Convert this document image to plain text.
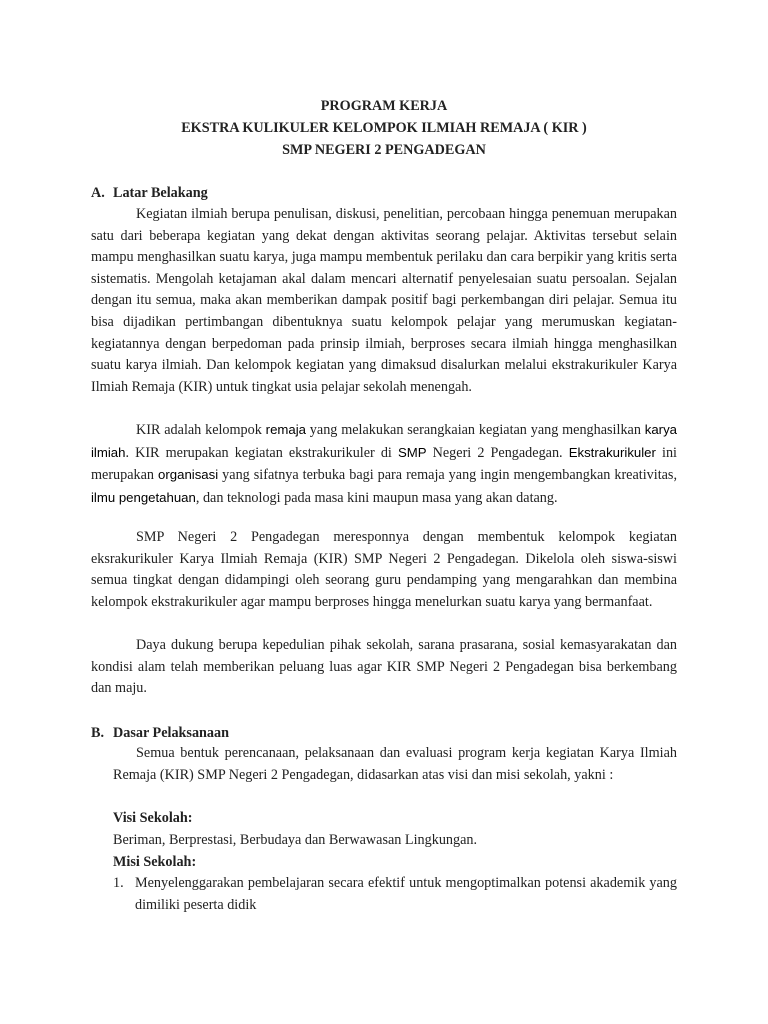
PROGRAM KERJA
EKSTRA KULIKULER KELOMPOK ILMIAH REMAJA ( KIR )
SMP NEGERI 2 PENGADEGAN
A. Latar Belakang

Kegiatan ilmiah berupa penulisan, diskusi, penelitian, percobaan hingga penemuan merupakan satu dari beberapa kegiatan yang dekat dengan aktivitas seorang pelajar. Aktivitas tersebut selain mampu menghasilkan suatu karya, juga mampu membentuk perilaku dan cara berpikir yang kritis serta sistematis. Mengolah ketajaman akal dalam mencari alternatif penyelesaian suatu persoalan. Sejalan dengan itu semua, maka akan memberikan dampak positif bagi perkembangan diri pelajar. Semua itu bisa dijadikan pertimbangan dibentuknya suatu kelompok pelajar yang merumuskan kegiatan-kegiatannya dengan berpedoman pada prinsip ilmiah, berproses secara ilmiah hingga menghasilkan suatu karya ilmiah. Dan kelompok kegiatan yang dimaksud disalurkan melalui ekstrakurikuler Karya Ilmiah Remaja (KIR) untuk tingkat usia pelajar sekolah menengah.

KIR adalah kelompok remaja yang melakukan serangkaian kegiatan yang menghasilkan karya ilmiah. KIR merupakan kegiatan ekstrakurikuler di SMP Negeri 2 Pengadegan. Ekstrakurikuler ini merupakan organisasi yang sifatnya terbuka bagi para remaja yang ingin mengembangkan kreativitas, ilmu pengetahuan, dan teknologi pada masa kini maupun masa yang akan datang.

SMP Negeri 2 Pengadegan meresponnya dengan membentuk kelompok kegiatan eksrakurikuler Karya Ilmiah Remaja (KIR) SMP Negeri 2 Pengadegan. Dikelola oleh siswa-siswi semua tingkat dengan didampingi oleh seorang guru pendamping yang mengarahkan dan membina kelompok ekstrakurikuler agar mampu berproses hingga menelurkan suatu karya yang bermanfaat.

Daya dukung berupa kepedulian pihak sekolah, sarana prasarana, sosial kemasyarakatan dan kondisi alam telah memberikan peluang luas agar KIR SMP Negeri 2 Pengadegan bisa berkembang dan maju.

B. Dasar Pelaksanaan

Semua bentuk perencanaan, pelaksanaan dan evaluasi program kerja kegiatan Karya Ilmiah Remaja (KIR) SMP Negeri 2 Pengadegan, didasarkan atas visi dan misi sekolah, yakni :

Visi Sekolah:
Beriman, Berprestasi, Berbudaya dan Berwawasan Lingkungan.
Misi Sekolah:
1. Menyelenggarakan pembelajaran secara efektif untuk mengoptimalkan potensi akademik yang dimiliki peserta didik
